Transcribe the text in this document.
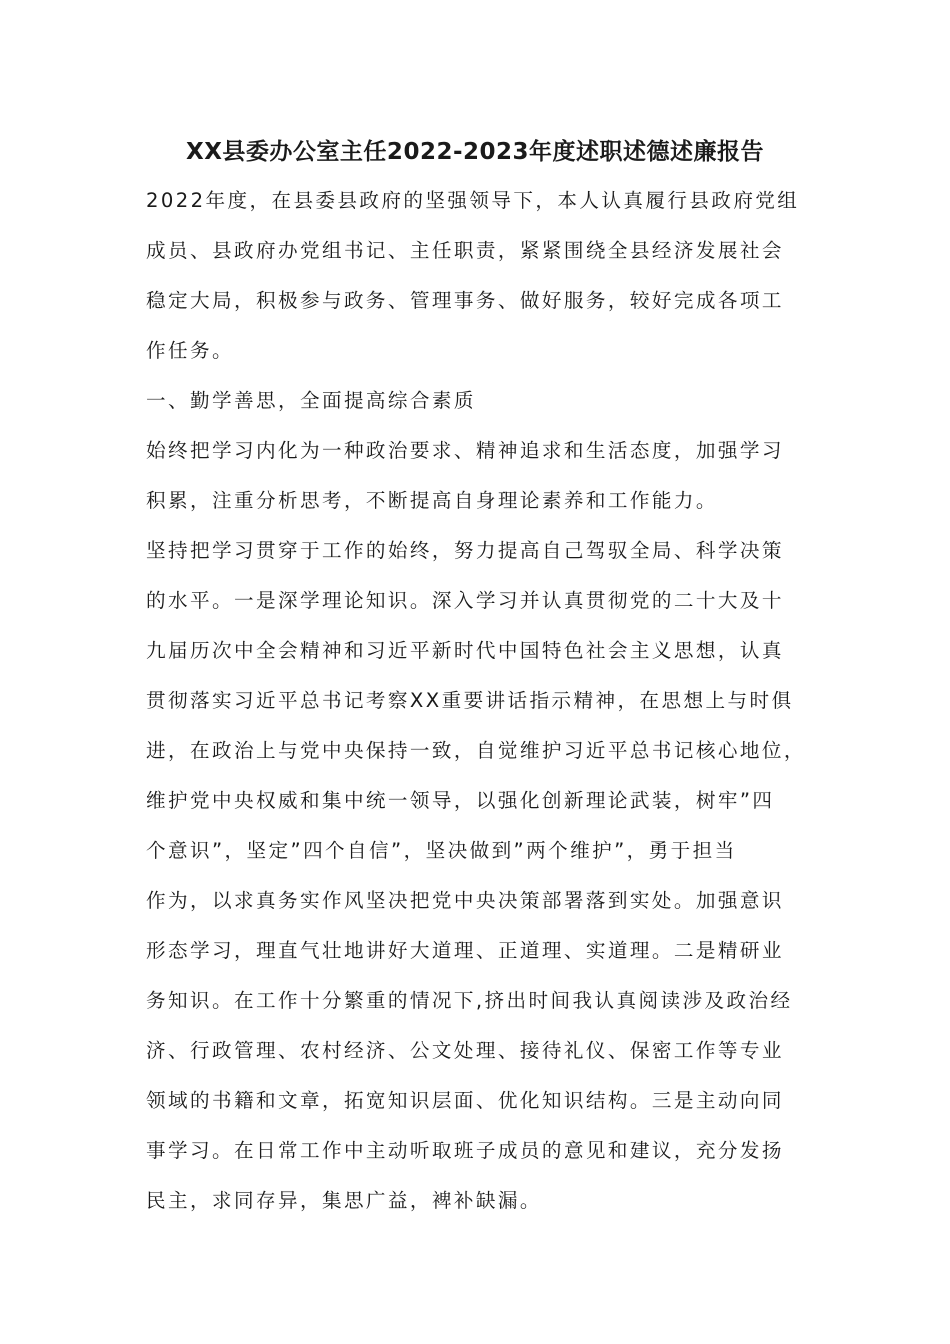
XX县委办公室主任2022-2023年度述职述德述廉报告
2022年度，在县委县政府的坚强领导下，本人认真履行县政府党组
成员、县政府办党组书记、主任职责，紧紧围绕全县经济发展社会
稳定大局，积极参与政务、管理事务、做好服务，较好完成各项工
作任务。
一、勤学善思，全面提高综合素质
始终把学习内化为一种政治要求、精神追求和生活态度，加强学习
积累，注重分析思考，不断提高自身理论素养和工作能力。
坚持把学习贯穿于工作的始终，努力提高自己驾驭全局、科学决策
的水平。一是深学理论知识。深入学习并认真贯彻党的二十大及十
九届历次中全会精神和习近平新时代中国特色社会主义思想，认真
贯彻落实习近平总书记考察XX重要讲话指示精神，在思想上与时俱
进，在政治上与党中央保持一致，自觉维护习近平总书记核心地位，
维护党中央权威和集中统一领导，以强化创新理论武装，树牢”四
个意识”，坚定”四个自信”，坚决做到”两个维护”，勇于担当
作为，以求真务实作风坚决把党中央决策部署落到实处。加强意识
形态学习，理直气壮地讲好大道理、正道理、实道理。二是精研业
务知识。在工作十分繁重的情况下,挤出时间我认真阅读涉及政治经
济、行政管理、农村经济、公文处理、接待礼仪、保密工作等专业
领域的书籍和文章，拓宽知识层面、优化知识结构。三是主动向同
事学习。在日常工作中主动听取班子成员的意见和建议，充分发扬
民主，求同存异，集思广益，裨补缺漏。
